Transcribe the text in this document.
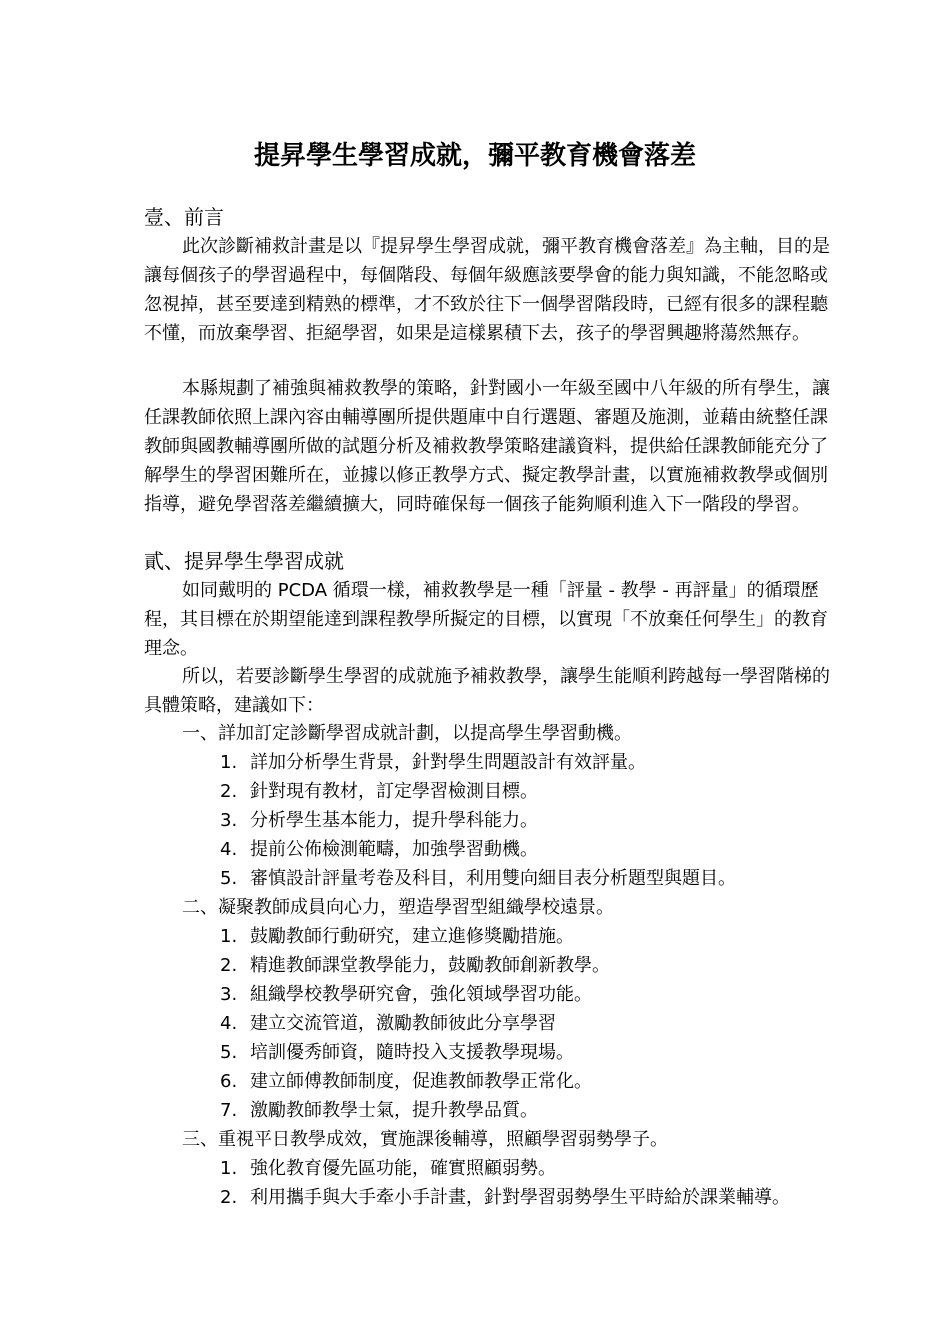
提昇學生學習成就，彌平教育機會落差
壹、前言

此次診斷補救計畫是以『提昇學生學習成就，彌平教育機會落差』為主軸，目的是讓每個孩子的學習過程中，每個階段、每個年級應該要學會的能力與知識，不能忽略或忽視掉，甚至要達到精熟的標準，才不致於往下一個學習階段時，已經有很多的課程聽不懂，而放棄學習、拒絕學習，如果是這樣累積下去，孩子的學習興趣將蕩然無存。

本縣規劃了補強與補救教學的策略，針對國小一年級至國中八年級的所有學生，讓任課教師依照上課內容由輔導團所提供題庫中自行選題、審題及施測，並藉由統整任課教師與國教輔導團所做的試題分析及補救教學策略建議資料，提供給任課教師能充分了解學生的學習困難所在，並據以修正教學方式、擬定教學計畫，以實施補救教學或個別指導，避免學習落差繼續擴大，同時確保每一個孩子能夠順利進入下一階段的學習。

貳、提昇學生學習成就

如同戴明的 PCDA 循環一樣，補救教學是一種「評量 - 教學 - 再評量」的循環歷程，其目標在於期望能達到課程教學所擬定的目標，以實現「不放棄任何學生」的教育理念。

所以，若要診斷學生學習的成就施予補救教學，讓學生能順利跨越每一學習階梯的具體策略，建議如下：

一、詳加訂定診斷學習成就計劃，以提高學生學習動機。
1. 詳加分析學生背景，針對學生問題設計有效評量。
2. 針對現有教材，訂定學習檢測目標。
3. 分析學生基本能力，提升學科能力。
4. 提前公佈檢測範疇，加強學習動機。
5. 審慎設計評量考卷及科目，利用雙向細目表分析題型與題目。
二、凝聚教師成員向心力，塑造學習型組織學校遠景。
1. 鼓勵教師行動研究，建立進修獎勵措施。
2. 精進教師課堂教學能力，鼓勵教師創新教學。
3. 組織學校教學研究會，強化領域學習功能。
4. 建立交流管道，激勵教師彼此分享學習
5. 培訓優秀師資，隨時投入支援教學現場。
6. 建立師傅教師制度，促進教師教學正常化。
7. 激勵教師教學士氣，提升教學品質。
三、重視平日教學成效，實施課後輔導，照顧學習弱勢學子。
1. 強化教育優先區功能，確實照顧弱勢。
2. 利用攜手與大手牽小手計畫，針對學習弱勢學生平時給於課業輔導。
